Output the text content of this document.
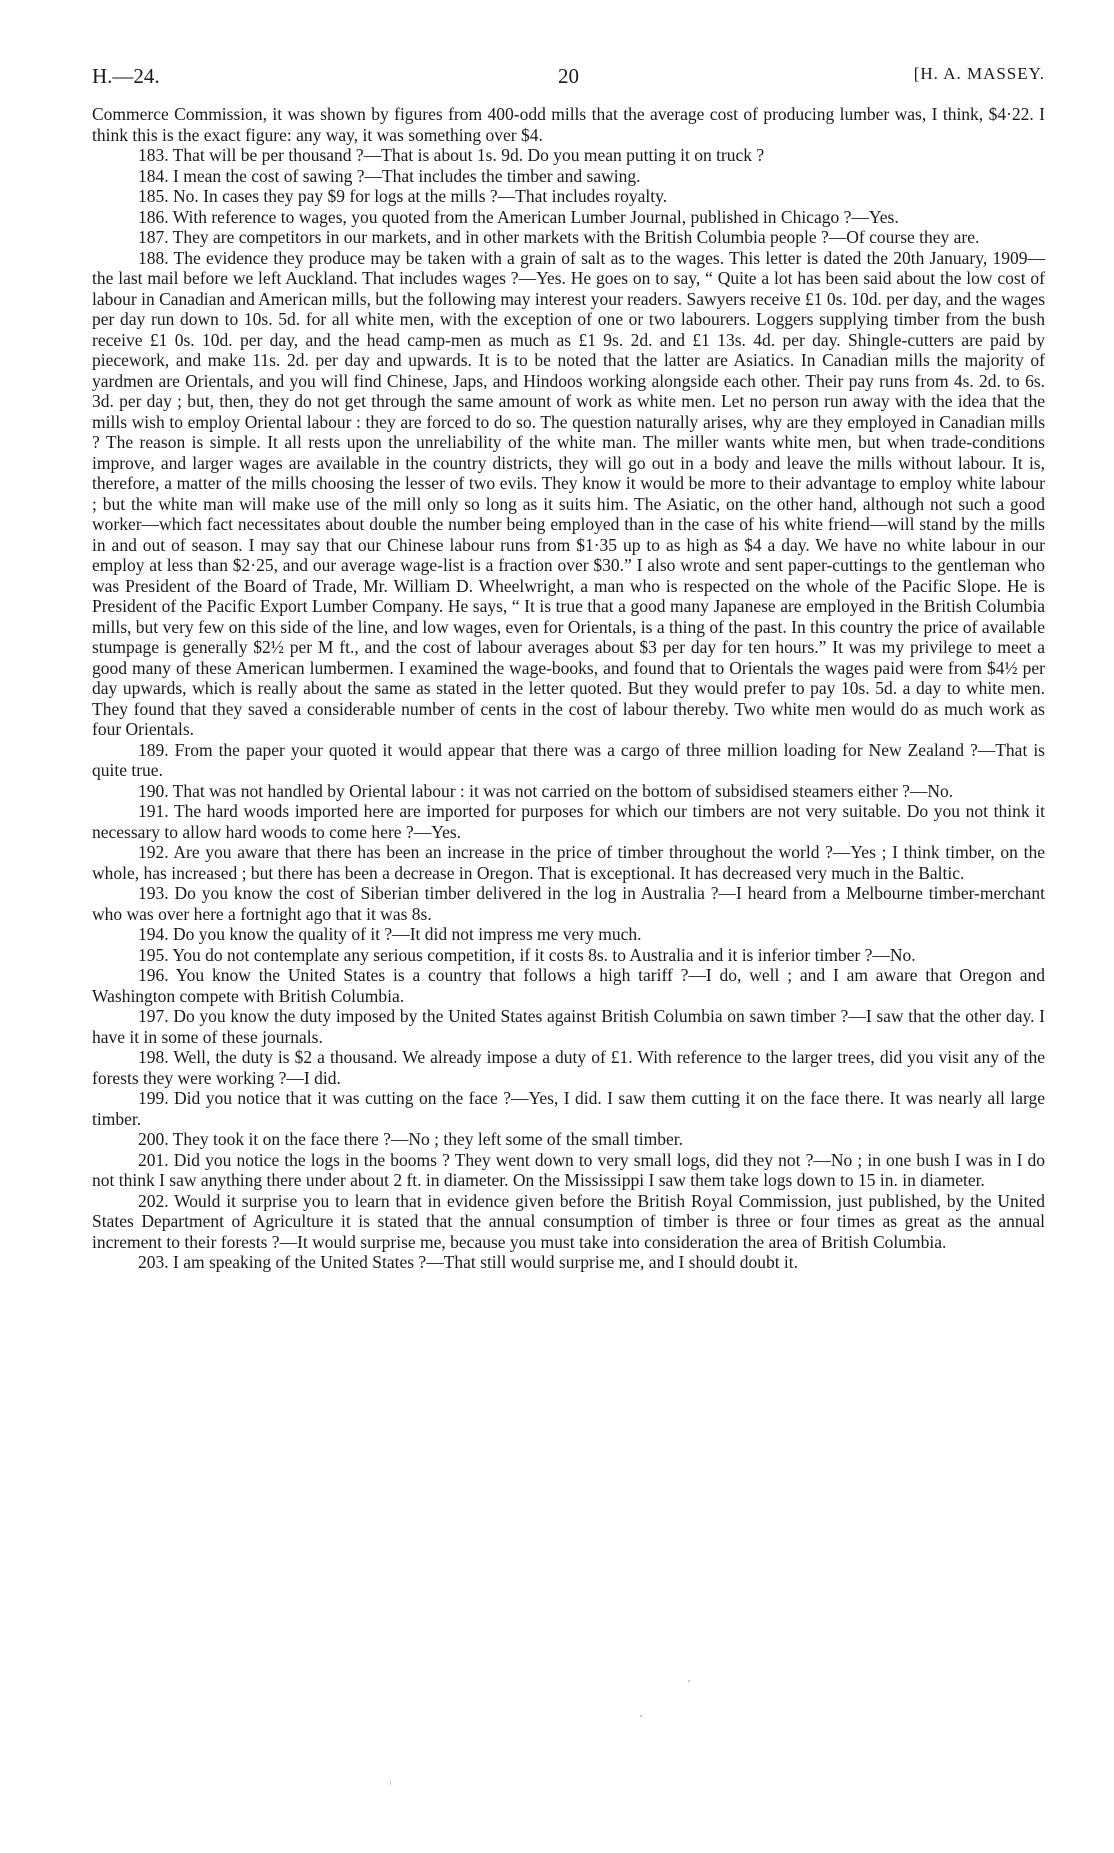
H.—24.	20	[H. A. MASSEY.

Commerce Commission, it was shown by figures from 400-odd mills that the average cost of producing lumber was, I think, $4·22. I think this is the exact figure: any way, it was something over $4.

183. That will be per thousand ?—That is about 1s. 9d. Do you mean putting it on truck ?

184. I mean the cost of sawing ?—That includes the timber and sawing.

185. No. In cases they pay $9 for logs at the mills ?—That includes royalty.

186. With reference to wages, you quoted from the American Lumber Journal, published in Chicago ?—Yes.

187. They are competitors in our markets, and in other markets with the British Columbia people ?—Of course they are.

188. The evidence they produce may be taken with a grain of salt as to the wages. This letter is dated the 20th January, 1909—the last mail before we left Auckland. That includes wages ?—Yes. He goes on to say, “ Quite a lot has been said about the low cost of labour in Canadian and American mills, but the following may interest your readers. Sawyers receive £1 0s. 10d. per day, and the wages per day run down to 10s. 5d. for all white men, with the exception of one or two labourers. Loggers supplying timber from the bush receive £1 0s. 10d. per day, and the head camp-men as much as £1 9s. 2d. and £1 13s. 4d. per day. Shingle-cutters are paid by piecework, and make 11s. 2d. per day and upwards. It is to be noted that the latter are Asiatics. In Canadian mills the majority of yardmen are Orientals, and you will find Chinese, Japs, and Hindoos working alongside each other. Their pay runs from 4s. 2d. to 6s. 3d. per day ; but, then, they do not get through the same amount of work as white men. Let no person run away with the idea that the mills wish to employ Oriental labour : they are forced to do so. The question naturally arises, why are they employed in Canadian mills ? The reason is simple. It all rests upon the unreliability of the white man. The miller wants white men, but when trade-conditions improve, and larger wages are available in the country districts, they will go out in a body and leave the mills without labour. It is, therefore, a matter of the mills choosing the lesser of two evils. They know it would be more to their advantage to employ white labour ; but the white man will make use of the mill only so long as it suits him. The Asiatic, on the other hand, although not such a good worker—which fact necessitates about double the number being employed than in the case of his white friend—will stand by the mills in and out of season. I may say that our Chinese labour runs from $1·35 up to as high as $4 a day. We have no white labour in our employ at less than $2·25, and our average wage-list is a fraction over $30.” I also wrote and sent paper-cuttings to the gentleman who was President of the Board of Trade, Mr. William D. Wheelwright, a man who is respected on the whole of the Pacific Slope. He is President of the Pacific Export Lumber Company. He says, “ It is true that a good many Japanese are employed in the British Columbia mills, but very few on this side of the line, and low wages, even for Orientals, is a thing of the past. In this country the price of available stumpage is generally $2½ per M ft., and the cost of labour averages about $3 per day for ten hours.” It was my privilege to meet a good many of these American lumbermen. I examined the wage-books, and found that to Orientals the wages paid were from $4½ per day upwards, which is really about the same as stated in the letter quoted. But they would prefer to pay 10s. 5d. a day to white men. They found that they saved a considerable number of cents in the cost of labour thereby. Two white men would do as much work as four Orientals.

189. From the paper your quoted it would appear that there was a cargo of three million loading for New Zealand ?—That is quite true.

190. That was not handled by Oriental labour : it was not carried on the bottom of subsidised steamers either ?—No.

191. The hard woods imported here are imported for purposes for which our timbers are not very suitable. Do you not think it necessary to allow hard woods to come here ?—Yes.

192. Are you aware that there has been an increase in the price of timber throughout the world ?—Yes ; I think timber, on the whole, has increased ; but there has been a decrease in Oregon. That is exceptional. It has decreased very much in the Baltic.

193. Do you know the cost of Siberian timber delivered in the log in Australia ?—I heard from a Melbourne timber-merchant who was over here a fortnight ago that it was 8s.

194. Do you know the quality of it ?—It did not impress me very much.

195. You do not contemplate any serious competition, if it costs 8s. to Australia and it is inferior timber ?—No.

196. You know the United States is a country that follows a high tariff ?—I do, well ; and I am aware that Oregon and Washington compete with British Columbia.

197. Do you know the duty imposed by the United States against British Columbia on sawn timber ?—I saw that the other day. I have it in some of these journals.

198. Well, the duty is $2 a thousand. We already impose a duty of £1. With reference to the larger trees, did you visit any of the forests they were working ?—I did.

199. Did you notice that it was cutting on the face ?—Yes, I did. I saw them cutting it on the face there. It was nearly all large timber.

200. They took it on the face there ?—No ; they left some of the small timber.

201. Did you notice the logs in the booms ? They went down to very small logs, did they not ?—No ; in one bush I was in I do not think I saw anything there under about 2 ft. in diameter. On the Mississippi I saw them take logs down to 15 in. in diameter.

202. Would it surprise you to learn that in evidence given before the British Royal Commission, just published, by the United States Department of Agriculture it is stated that the annual consumption of timber is three or four times as great as the annual increment to their forests ?—It would surprise me, because you must take into consideration the area of British Columbia.

203. I am speaking of the United States ?—That still would surprise me, and I should doubt it.
